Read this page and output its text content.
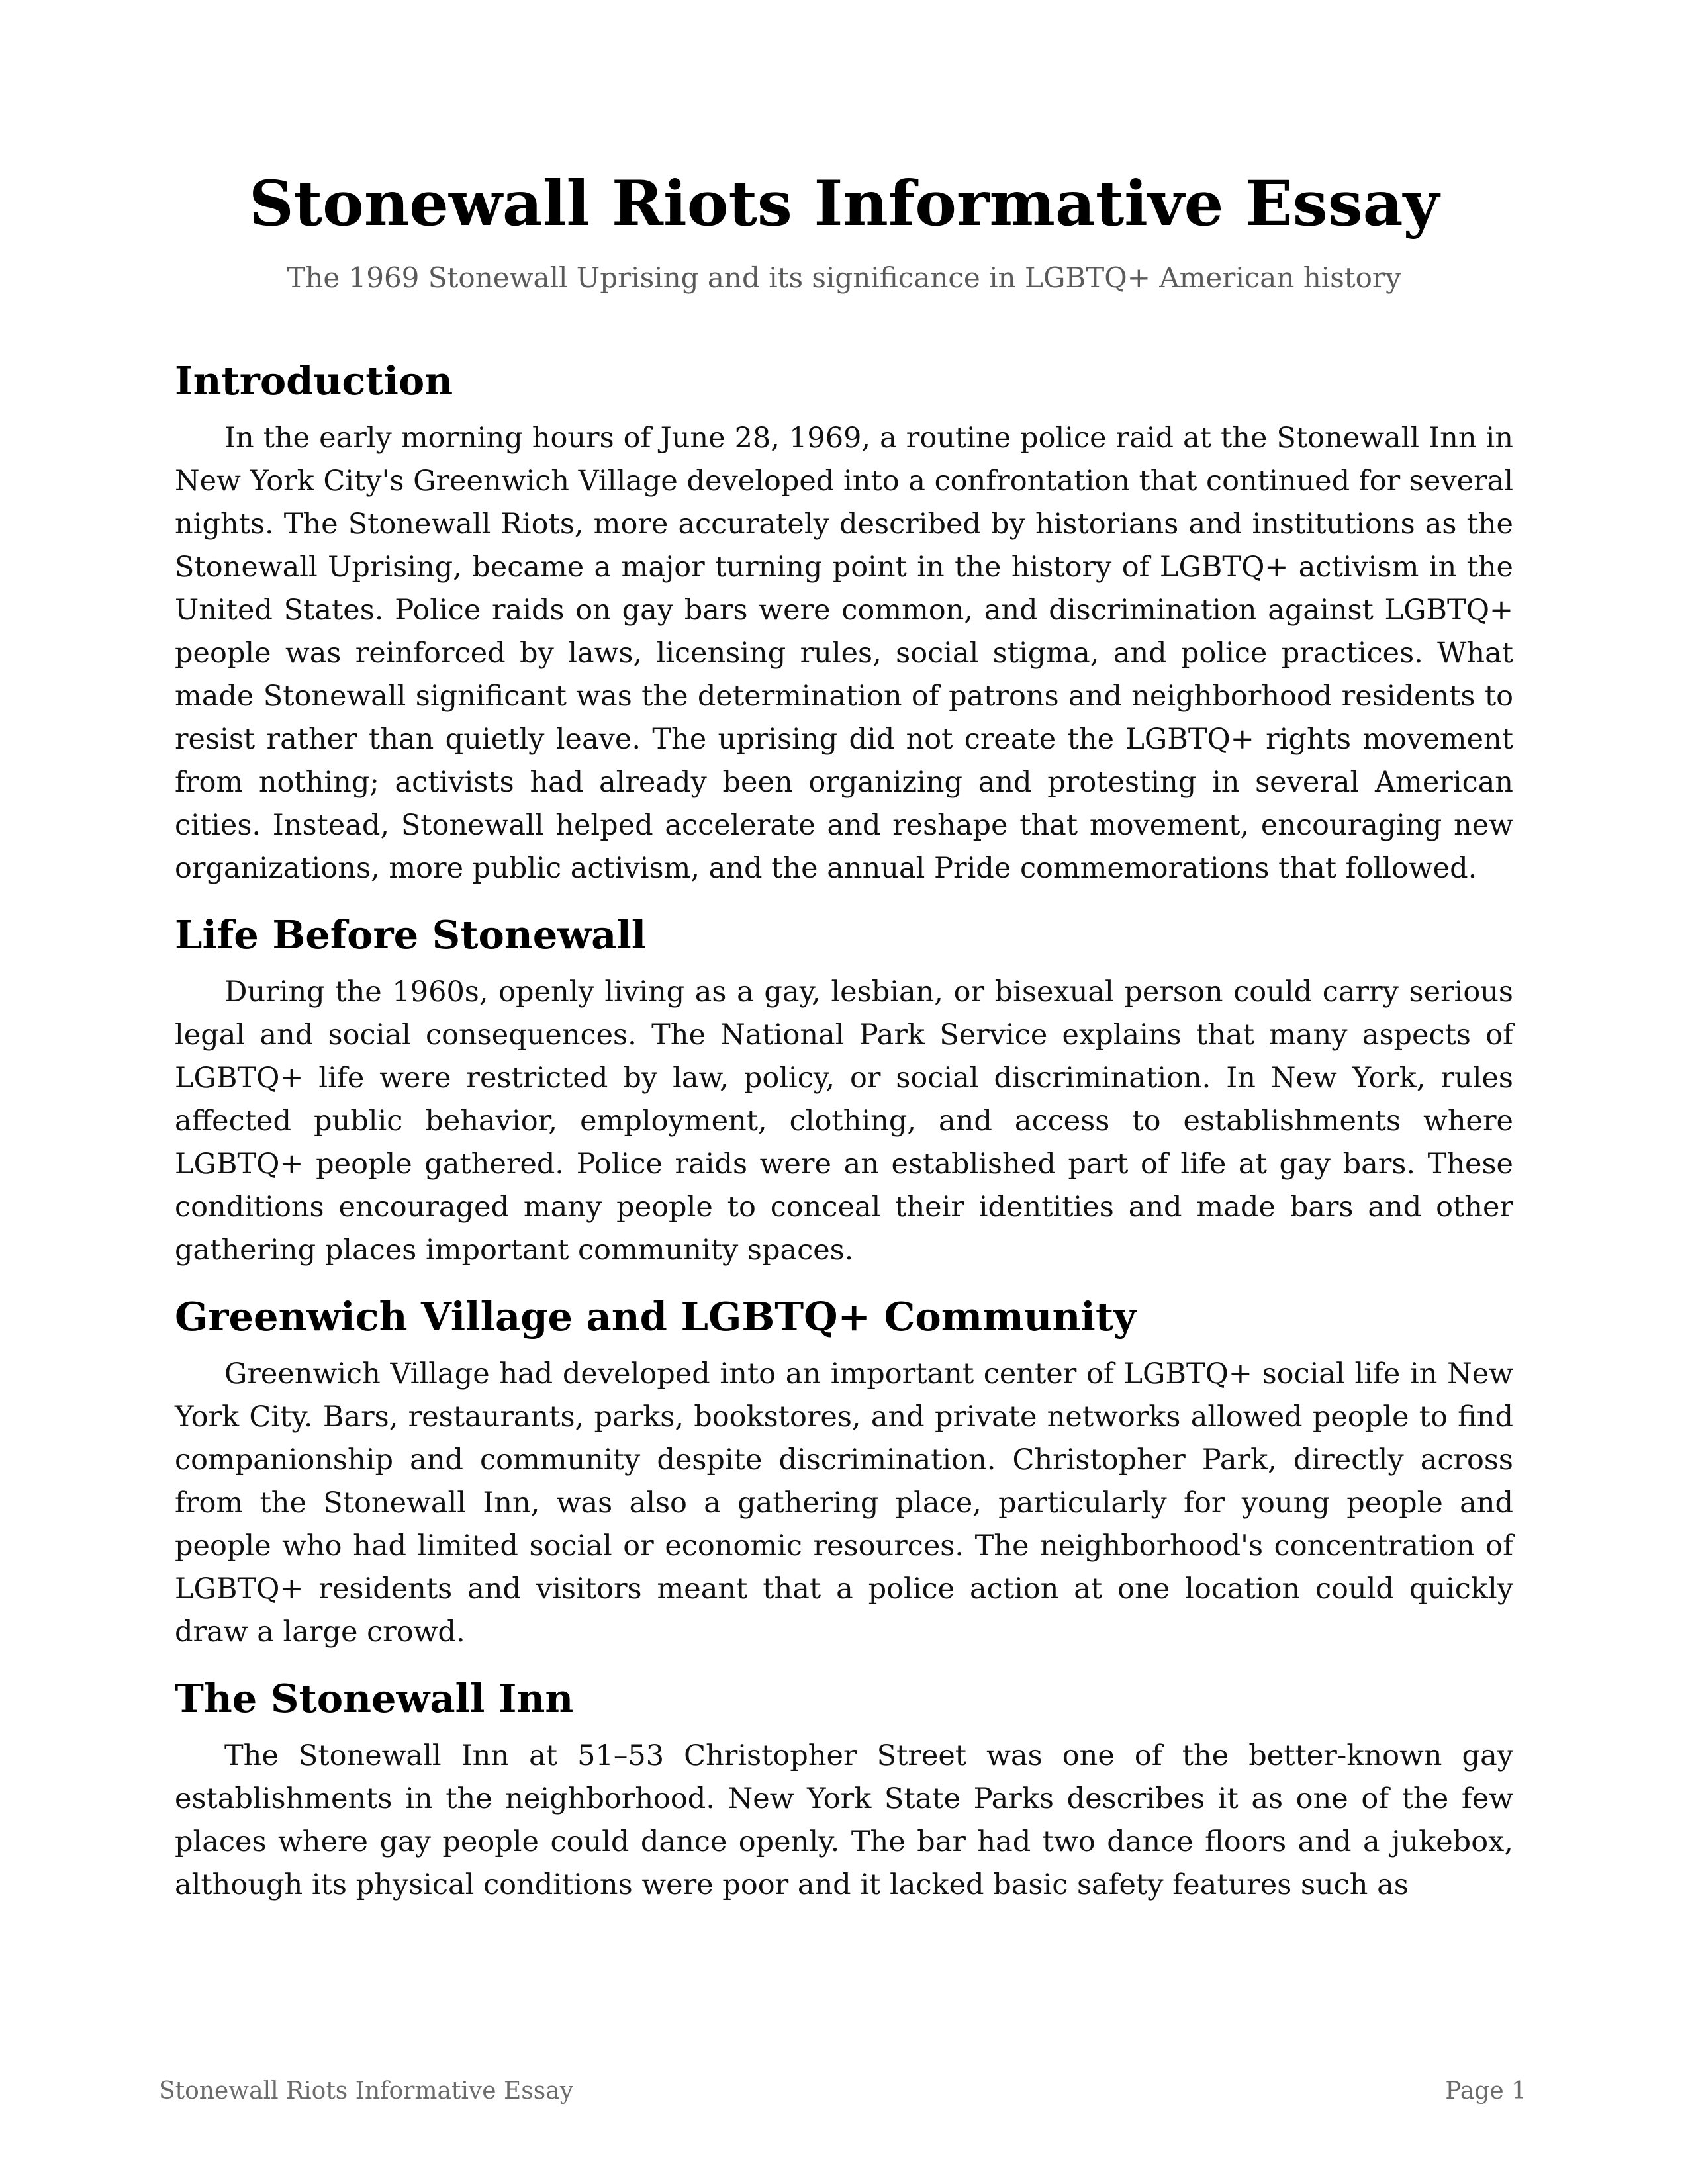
Stonewall Riots Informative Essay
The 1969 Stonewall Uprising and its significance in LGBTQ+ American history
Introduction

In the early morning hours of June 28, 1969, a routine police raid at the Stonewall Inn in New York City's Greenwich Village developed into a confrontation that continued for several nights. The Stonewall Riots, more accurately described by historians and institutions as the Stonewall Uprising, became a major turning point in the history of LGBTQ+ activism in the United States. Police raids on gay bars were common, and discrimination against LGBTQ+ people was reinforced by laws, licensing rules, social stigma, and police practices. What made Stonewall significant was the determination of patrons and neighborhood residents to resist rather than quietly leave. The uprising did not create the LGBTQ+ rights movement from nothing; activists had already been organizing and protesting in several American cities. Instead, Stonewall helped accelerate and reshape that movement, encouraging new organizations, more public activism, and the annual Pride commemorations that followed.

Life Before Stonewall

During the 1960s, openly living as a gay, lesbian, or bisexual person could carry serious legal and social consequences. The National Park Service explains that many aspects of LGBTQ+ life were restricted by law, policy, or social discrimination. In New York, rules affected public behavior, employment, clothing, and access to establishments where LGBTQ+ people gathered. Police raids were an established part of life at gay bars. These conditions encouraged many people to conceal their identities and made bars and other gathering places important community spaces.

Greenwich Village and LGBTQ+ Community

Greenwich Village had developed into an important center of LGBTQ+ social life in New York City. Bars, restaurants, parks, bookstores, and private networks allowed people to find companionship and community despite discrimination. Christopher Park, directly across from the Stonewall Inn, was also a gathering place, particularly for young people and people who had limited social or economic resources. The neighborhood's concentration of LGBTQ+ residents and visitors meant that a police action at one location could quickly draw a large crowd.

The Stonewall Inn

The Stonewall Inn at 51–53 Christopher Street was one of the better-known gay establishments in the neighborhood. New York State Parks describes it as one of the few places where gay people could dance openly. The bar had two dance floors and a jukebox, although its physical conditions were poor and it lacked basic safety features such as

Stonewall Riots Informative Essay	Page 1
